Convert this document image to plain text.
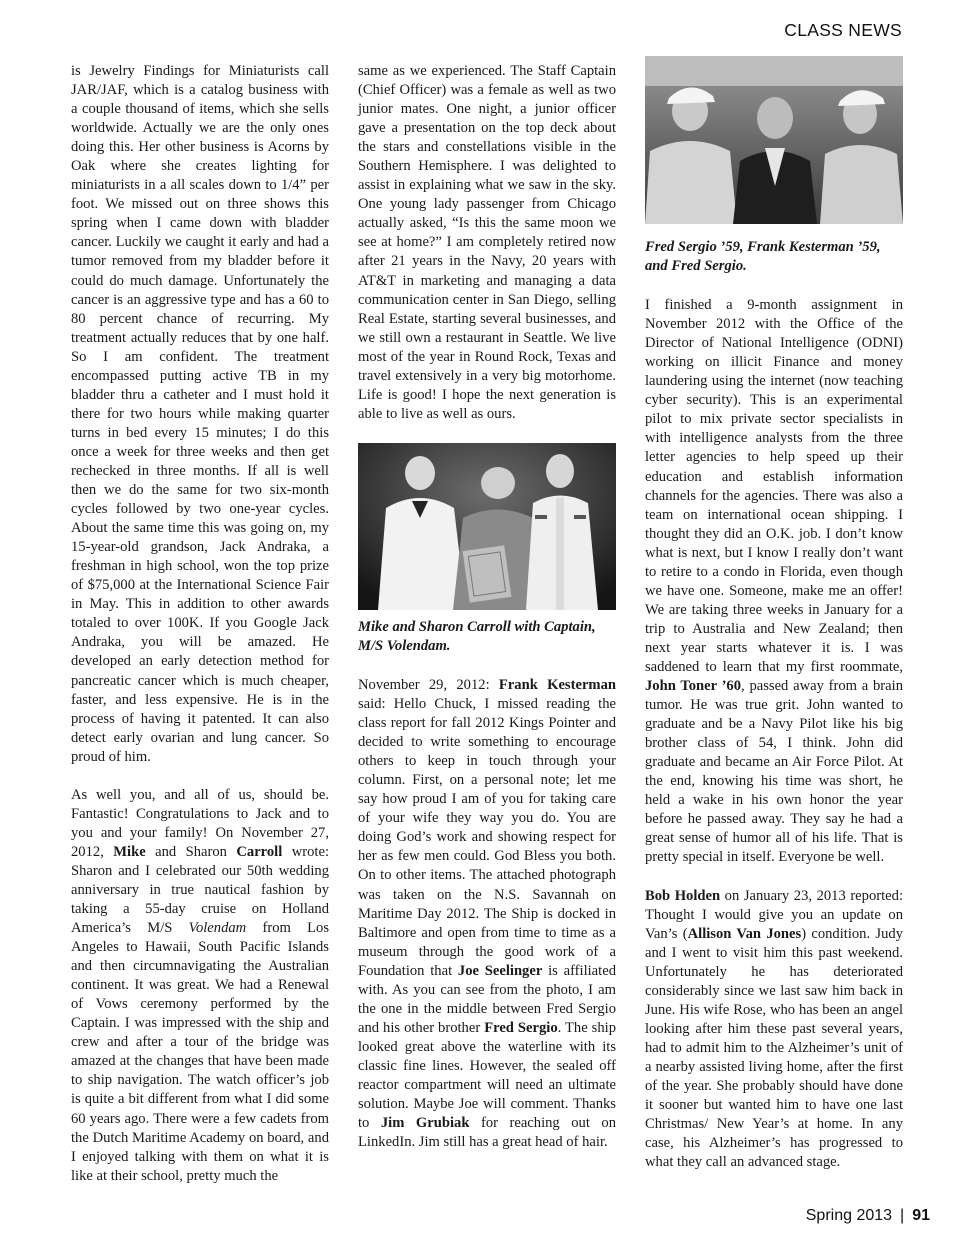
CLASS NEWS

is Jewelry Findings for Miniaturists call JAR/JAF, which is a catalog business with a couple thousand of items, which she sells worldwide. Actually we are the only ones doing this. Her other business is Acorns by Oak where she creates lighting for miniaturists in a all scales down to 1/4” per foot. We missed out on three shows this spring when I came down with bladder cancer. Luckily we caught it early and had a tumor removed from my bladder before it could do much damage. Unfortunately the cancer is an aggressive type and has a 60 to 80 percent chance of recurring. My treatment actually reduces that by one half. So I am confident. The treatment encompassed putting active TB in my bladder thru a catheter and I must hold it there for two hours while making quarter turns in bed every 15 minutes; I do this once a week for three weeks and then get rechecked in three months. If all is well then we do the same for two six-month cycles followed by two one-year cycles. About the same time this was going on, my 15-year-old grandson, Jack Andraka, a freshman in high school, won the top prize of $75,000 at the International Science Fair in May. This in addition to other awards totaled to over 100K. If you Google Jack Andraka, you will be amazed. He developed an early detection method for pancreatic cancer which is much cheaper, faster, and less expensive. He is in the process of having it patented. It can also detect early ovarian and lung cancer. So proud of him.

As well you, and all of us, should be. Fantastic! Congratulations to Jack and to you and your family! On November 27, 2012, Mike and Sharon Carroll wrote: Sharon and I celebrated our 50th wedding anniversary in true nautical fashion by taking a 55-day cruise on Holland America’s M/S Volendam from Los Angeles to Hawaii, South Pacific Islands and then circumnavigating the Australian continent. It was great. We had a Renewal of Vows ceremony performed by the Captain. I was impressed with the ship and crew and after a tour of the bridge was amazed at the changes that have been made to ship navigation. The watch officer’s job is quite a bit different from what I did some 60 years ago. There were a few cadets from the Dutch Maritime Academy on board, and I enjoyed talking with them on what it is like at their school, pretty much the

same as we experienced. The Staff Captain (Chief Officer) was a female as well as two junior mates. One night, a junior officer gave a presentation on the top deck about the stars and constellations visible in the Southern Hemisphere. I was delighted to assist in explaining what we saw in the sky. One young lady passenger from Chicago actually asked, “Is this the same moon we see at home?” I am completely retired now after 21 years in the Navy, 20 years with AT&T in marketing and managing a data communication center in San Diego, selling Real Estate, starting several businesses, and we still own a restaurant in Seattle. We live most of the year in Round Rock, Texas and travel extensively in a very big motorhome. Life is good! I hope the next generation is able to live as well as ours.

Mike and Sharon Carroll with Captain, M/S Volendam.

November 29, 2012: Frank Kesterman said: Hello Chuck, I missed reading the class report for fall 2012 Kings Pointer and decided to write something to encourage others to keep in touch through your column. First, on a personal note; let me say how proud I am of you for taking care of your wife they way you do. You are doing God’s work and showing respect for her as few men could. God Bless you both. On to other items. The attached photograph was taken on the N.S. Savannah on Maritime Day 2012. The Ship is docked in Baltimore and open from time to time as a museum through the good work of a Foundation that Joe Seelinger is affiliated with. As you can see from the photo, I am the one in the middle between Fred Sergio and his other brother Fred Sergio. The ship looked great above the waterline with its classic fine lines. However, the sealed off reactor compartment will need an ultimate solution. Maybe Joe will comment. Thanks to Jim Grubiak for reaching out on LinkedIn. Jim still has a great head of hair.

Fred Sergio ’59, Frank Kesterman ’59, and Fred Sergio.

I finished a 9-month assignment in November 2012 with the Office of the Director of National Intelligence (ODNI) working on illicit Finance and money laundering using the internet (now teaching cyber security). This is an experimental pilot to mix private sector specialists in with intelligence analysts from the three letter agencies to help speed up their education and establish information channels for the agencies. There was also a team on international ocean shipping. I thought they did an O.K. job. I don’t know what is next, but I know I really don’t want to retire to a condo in Florida, even though we have one. Someone, make me an offer! We are taking three weeks in January for a trip to Australia and New Zealand; then next year starts whatever it is. I was saddened to learn that my first roommate, John Toner ’60, passed away from a brain tumor. He was true grit. John wanted to graduate and be a Navy Pilot like his big brother class of 54, I think. John did graduate and became an Air Force Pilot. At the end, knowing his time was short, he held a wake in his own honor the year before he passed away. They say he had a great sense of humor all of his life. That is pretty special in itself. Everyone be well.

Bob Holden on January 23, 2013 reported: Thought I would give you an update on Van’s (Allison Van Jones) condition. Judy and I went to visit him this past weekend. Unfortunately he has deteriorated considerably since we last saw him back in June. His wife Rose, who has been an angel looking after him these past several years, had to admit him to the Alzheimer’s unit of a nearby assisted living home, after the first of the year. She probably should have done it sooner but wanted him to have one last Christmas/ New Year’s at home. In any case, his Alzheimer’s has progressed to what they call an advanced stage.

Spring 2013 | 91
